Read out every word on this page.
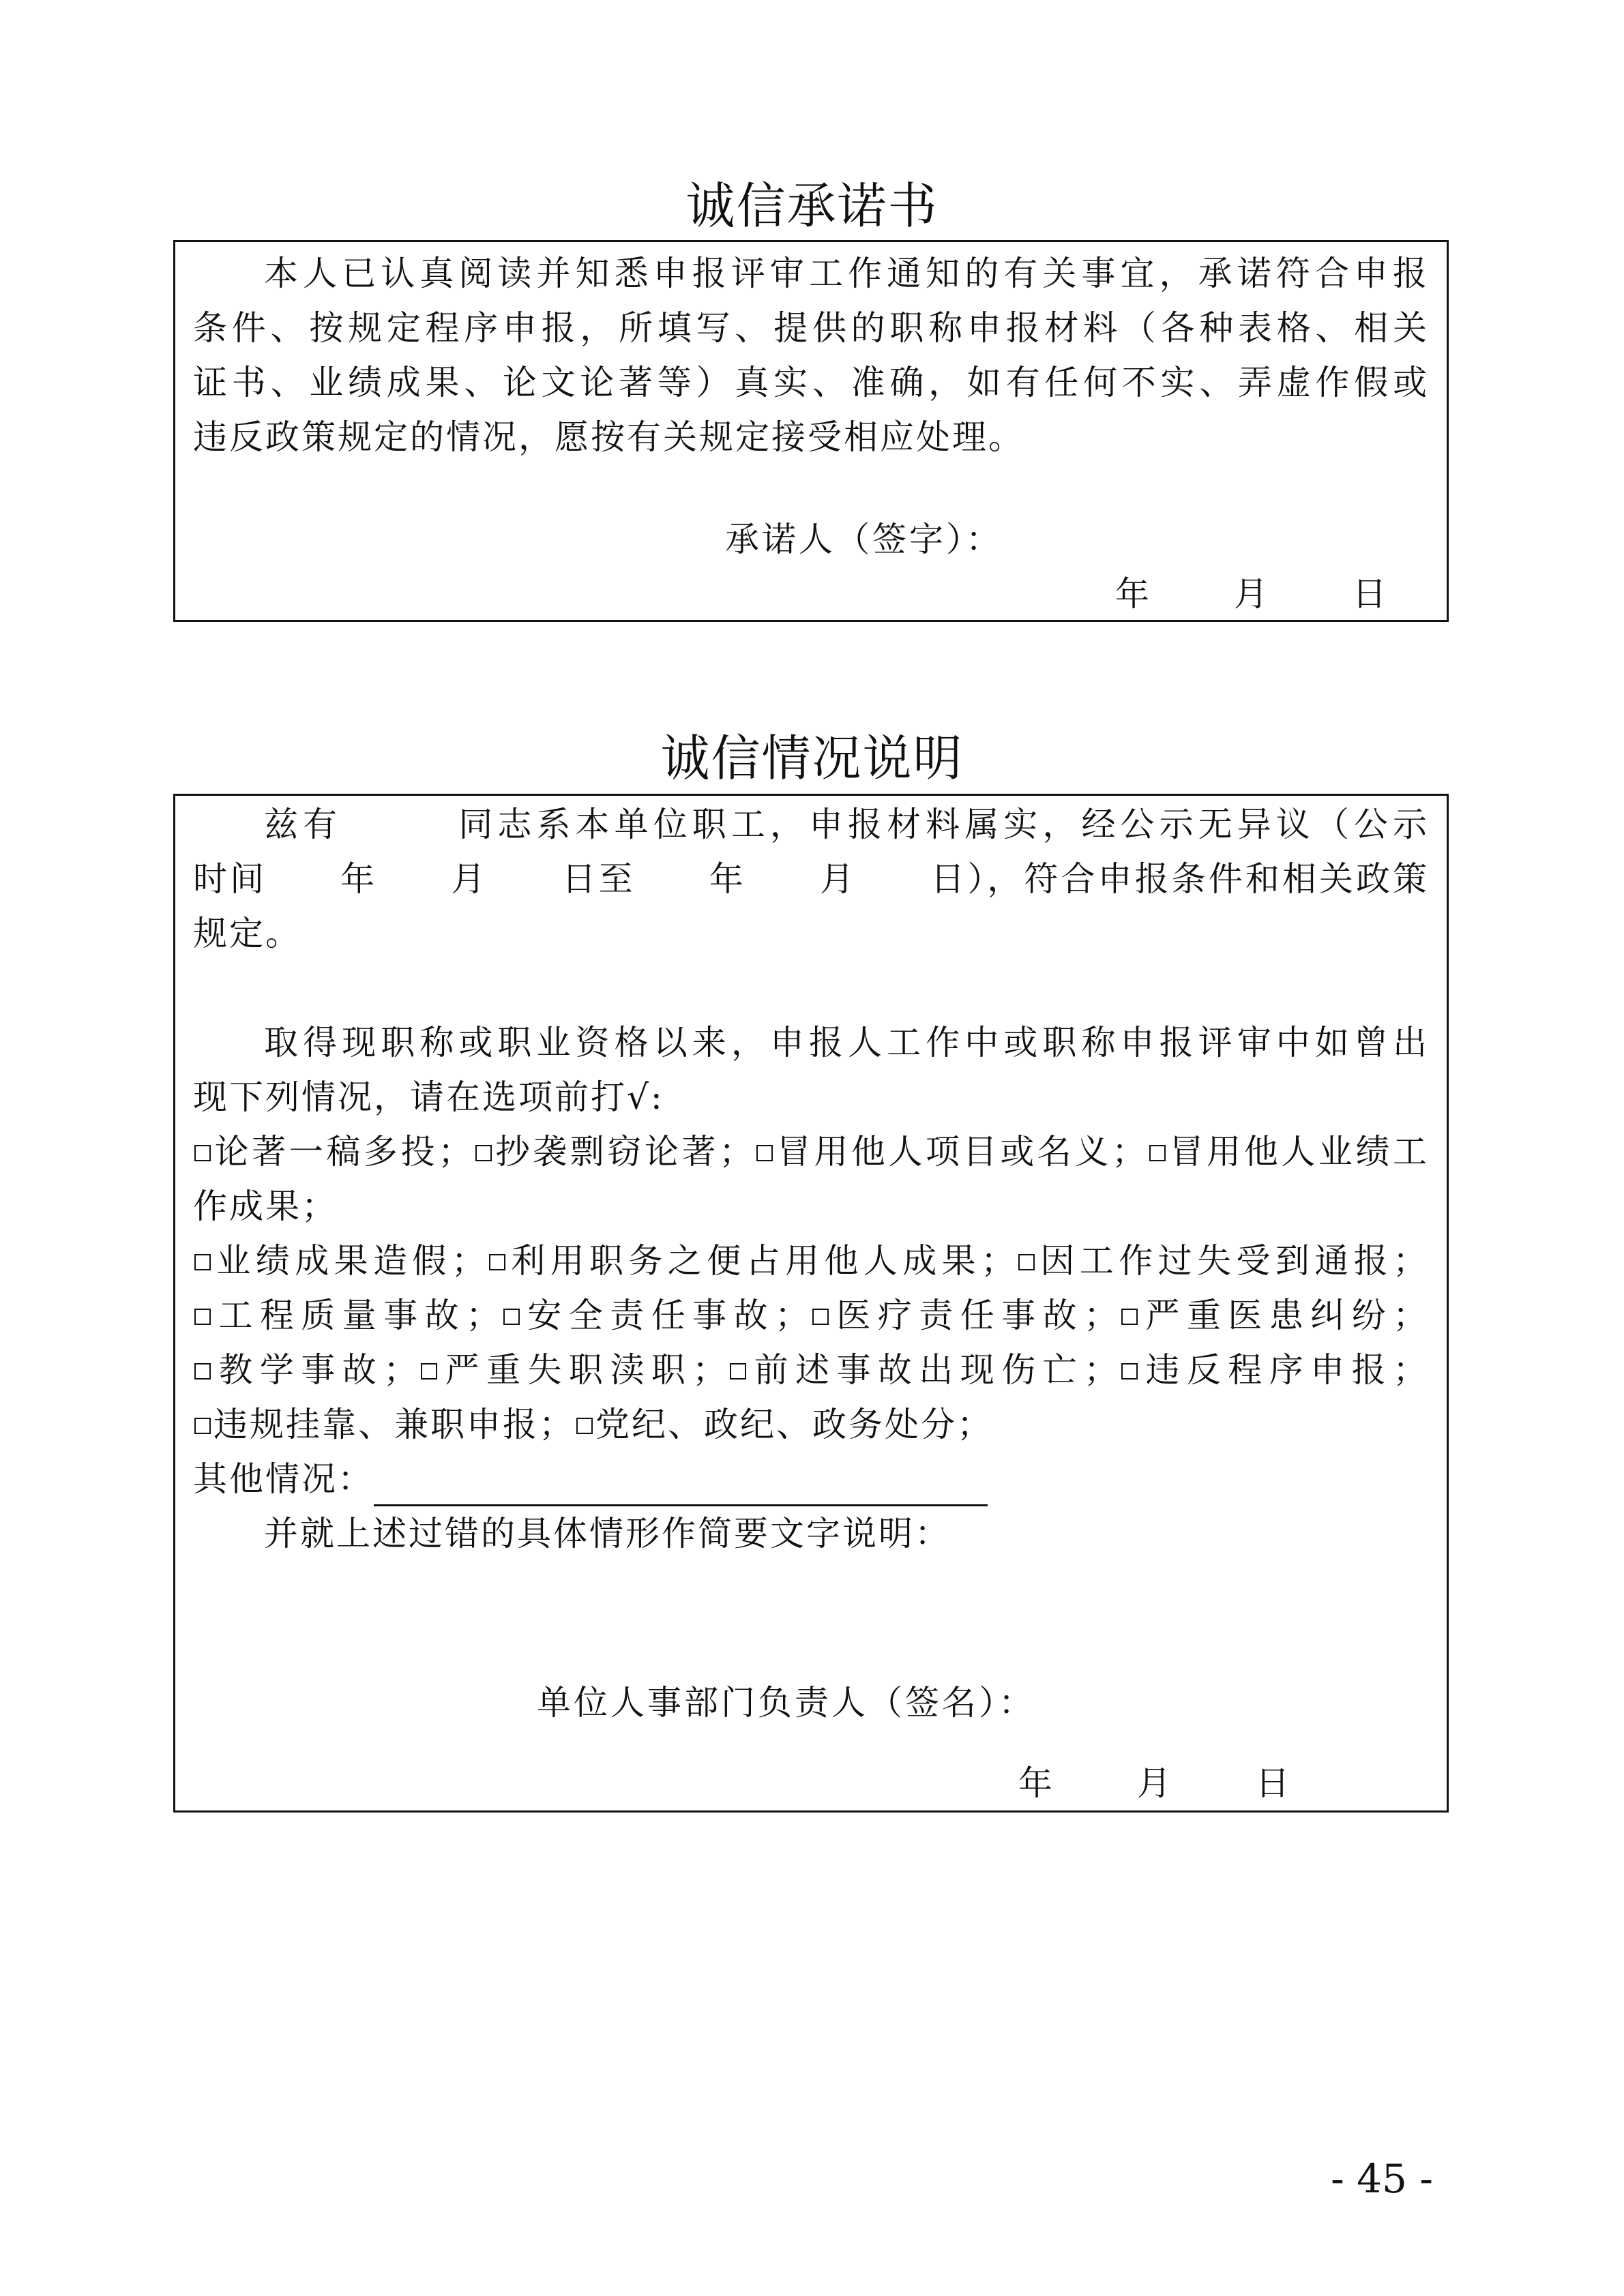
诚信承诺书

本人已认真阅读并知悉申报评审工作通知的有关事宜，承诺符合申报

条件、按规定程序申报，所填写、提供的职称申报材料（各种表格、相关

证书、业绩成果、论文论著等）真实、准确，如有任何不实、弄虚作假或

违反政策规定的情况，愿按有关规定接受相应处理。

承诺人（签字）：

年 月 日
诚信情况说明

兹有　　　同志系本单位职工，申报材料属实，经公示无异议（公示

时间　　年　　月　　日至　　年　　月　　日），符合申报条件和相关政策

规定。

取得现职称或职业资格以来，申报人工作中或职称申报评审中如曾出

现下列情况，请在选项前打√:

论著一稿多投； 抄袭剽窃论著； 冒用他人项目或名义； 冒用他人业绩工作成果；

业绩成果造假； 利用职务之便占用他人成果； 因工作过失受到通报；

工程质量事故； 安全责任事故； 医疗责任事故； 严重医患纠纷；

教学事故； 严重失职渎职； 前述事故出现伤亡； 违反程序申报；

违规挂靠、兼职申报； 党纪、政纪、政务处分；

其他情况：

并就上述过错的具体情形作简要文字说明：

单位人事部门负责人（签名）：

年 月 日
- 45 -
